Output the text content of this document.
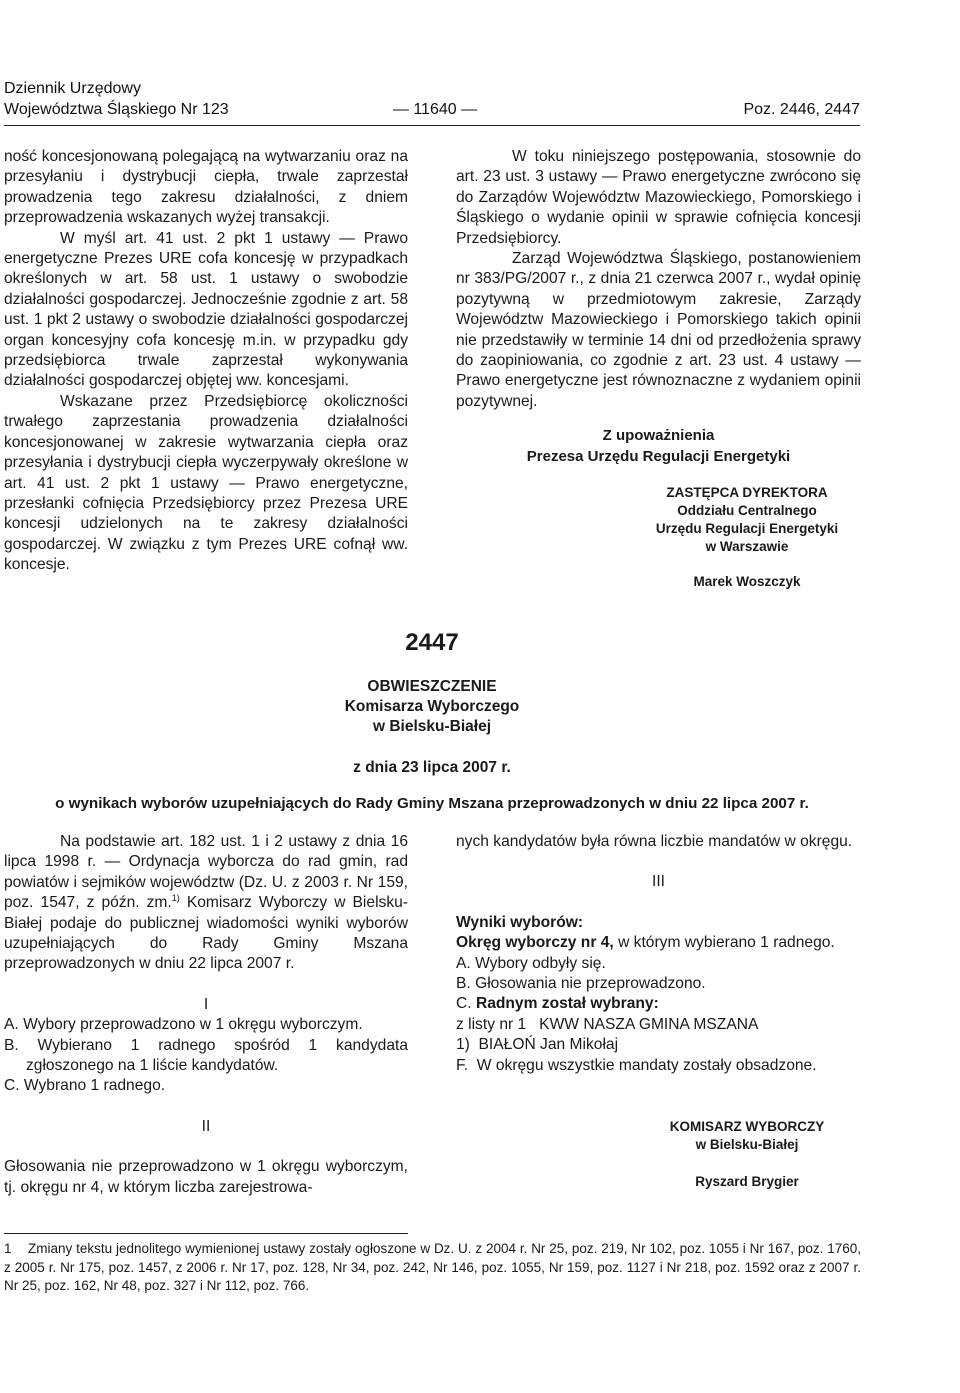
Dziennik Urzędowy
Województwa Śląskiego Nr 123	— 11640 —	Poz. 2446, 2447

ność koncesjonowaną polegającą na wytwarzaniu oraz na przesyłaniu i dystrybucji ciepła, trwale zaprzestał prowadzenia tego zakresu działalności, z dniem przeprowadzenia wskazanych wyżej transakcji.

W myśl art. 41 ust. 2 pkt 1 ustawy — Prawo energetyczne Prezes URE cofa koncesję w przypadkach określonych w art. 58 ust. 1 ustawy o swobodzie działalności gospodarczej. Jednocześnie zgodnie z art. 58 ust. 1 pkt 2 ustawy o swobodzie działalności gospodarczej organ koncesyjny cofa koncesję m.in. w przypadku gdy przedsiębiorca trwale zaprzestał wykonywania działalności gospodarczej objętej ww. koncesjami.

Wskazane przez Przedsiębiorcę okoliczności trwałego zaprzestania prowadzenia działalności koncesjonowanej w zakresie wytwarzania ciepła oraz przesyłania i dystrybucji ciepła wyczerpywały określone w art. 41 ust. 2 pkt 1 ustawy — Prawo energetyczne, przesłanki cofnięcia Przedsiębiorcy przez Prezesa URE koncesji udzielonych na te zakresy działalności gospodarczej. W związku z tym Prezes URE cofnął ww. koncesje.

W toku niniejszego postępowania, stosownie do art. 23 ust. 3 ustawy — Prawo energetyczne zwrócono się do Zarządów Województw Mazowieckiego, Pomorskiego i Śląskiego o wydanie opinii w sprawie cofnięcia koncesji Przedsiębiorcy.

Zarząd Województwa Śląskiego, postanowieniem nr 383/PG/2007 r., z dnia 21 czerwca 2007 r., wydał opinię pozytywną w przedmiotowym zakresie, Zarządy Województw Mazowieckiego i Pomorskiego takich opinii nie przedstawiły w terminie 14 dni od przedłożenia sprawy do zaopiniowania, co zgodnie z art. 23 ust. 4 ustawy — Prawo energetyczne jest równoznaczne z wydaniem opinii pozytywnej.

Z upoważnienia
Prezesa Urzędu Regulacji Energetyki
ZASTĘPCA DYREKTORA
Oddziału Centralnego
Urzędu Regulacji Energetyki
w Warszawie
Marek Woszczyk
2447
OBWIESZCZENIE
Komisarza Wyborczego
w Bielsku-Białej
z dnia 23 lipca 2007 r.
o wynikach wyborów uzupełniających do Rady Gminy Mszana przeprowadzonych w dniu 22 lipca 2007 r.

Na podstawie art. 182 ust. 1 i 2 ustawy z dnia 16 lipca 1998 r. — Ordynacja wyborcza do rad gmin, rad powiatów i sejmików województw (Dz. U. z 2003 r. Nr 159, poz. 1547, z późn. zm.$^{1)}$ Komisarz Wyborczy w Bielsku-Białej podaje do publicznej wiadomości wyniki wyborów uzupełniających do Rady Gminy Mszana przeprowadzonych w dniu 22 lipca 2007 r.

I

A. Wybory przeprowadzono w 1 okręgu wyborczym.

B. Wybierano 1 radnego spośród 1 kandydata zgłoszonego na 1 liście kandydatów.

C. Wybrano 1 radnego.

II

Głosowania nie przeprowadzono w 1 okręgu wyborczym, tj. okręgu nr 4, w którym liczba zarejestrowa-

nych kandydatów była równa liczbie mandatów w okręgu.

III

Wyniki wyborów:

Okręg wyborczy nr 4, w którym wybierano 1 radnego.

A. Wybory odbyły się.

B. Głosowania nie przeprowadzono.

C. Radnym został wybrany:

z listy nr 1   KWW NASZA GMINA MSZANA

1)  BIAŁOŃ Jan Mikołaj

F.  W okręgu wszystkie mandaty zostały obsadzone.

KOMISARZ WYBORCZY
w Bielsku-Białej
Ryszard Brygier
1	Zmiany tekstu jednolitego wymienionej ustawy zostały ogłoszone w Dz. U. z 2004 r. Nr 25, poz. 219, Nr 102, poz. 1055 i Nr 167, poz. 1760, z 2005 r. Nr 175, poz. 1457, z 2006 r. Nr 17, poz. 128, Nr 34, poz. 242, Nr 146, poz. 1055, Nr 159, poz. 1127 i Nr 218, poz. 1592 oraz z 2007 r. Nr 25, poz. 162, Nr 48, poz. 327 i Nr 112, poz. 766.
